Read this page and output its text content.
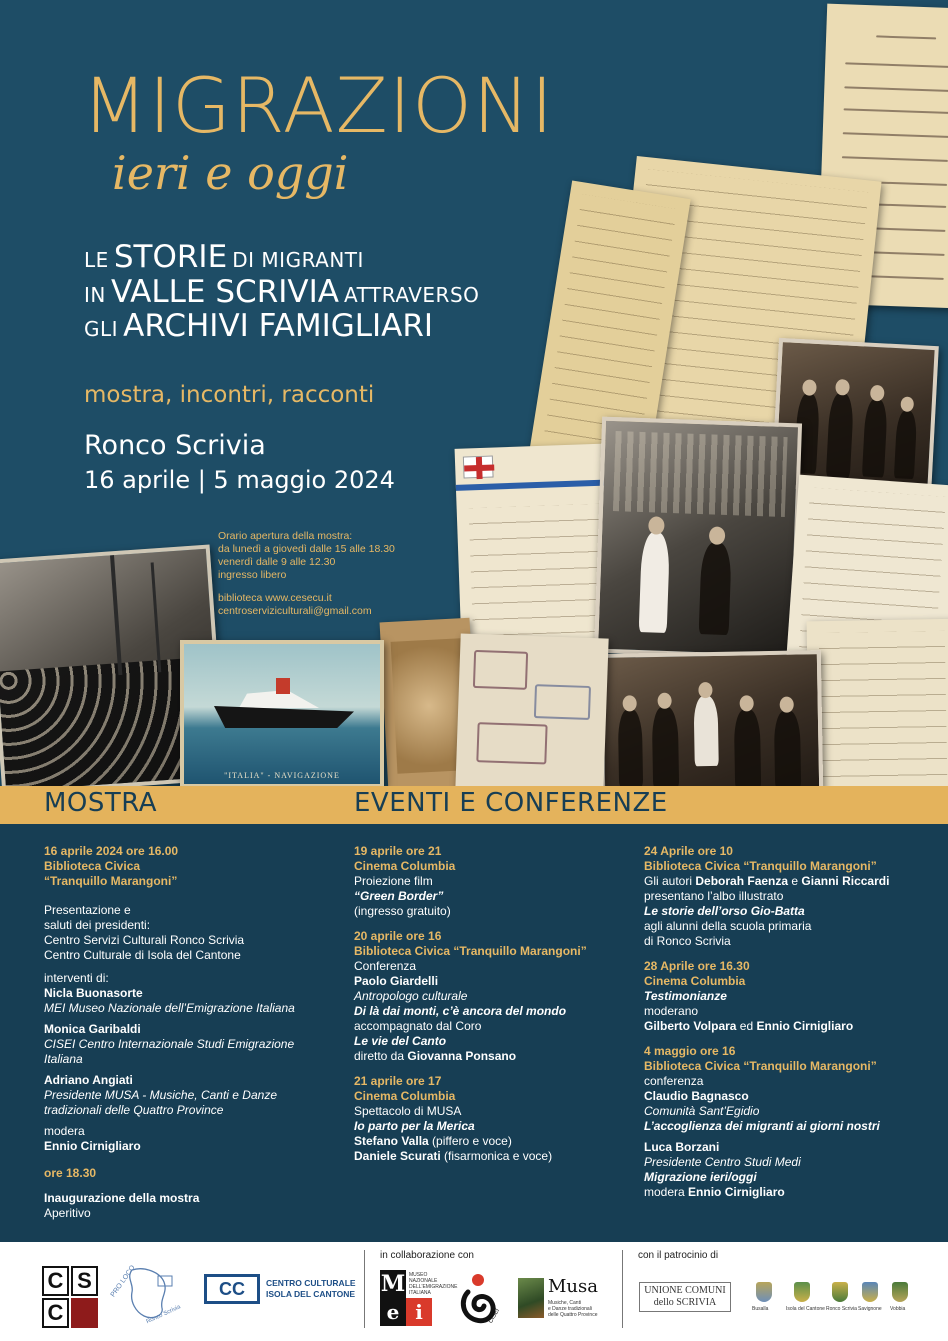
"ITALIA" - NAVIGAZIONE
MIGRAZIONI
ieri e oggi
LE STORIE DI MIGRANTI
IN VALLE SCRIVIA ATTRAVERSO
GLI ARCHIVI FAMIGLIARI
mostra, incontri, racconti
Ronco Scrivia
16 aprile | 5 maggio 2024
Orario apertura della mostra:
da lunedì a giovedì dalle 15 alle 18.30
venerdì dalle 9 alle 12.30
ingresso libero
biblioteca www.cesecu.it
centroserviziculturali@gmail.com
MOSTRA	EVENTI E CONFERENZE
16 aprile 2024 ore 16.00
Biblioteca Civica
“Tranquillo Marangoni”
Presentazione e
saluti dei presidenti:
Centro Servizi Culturali Ronco Scrivia
Centro Culturale di Isola del Cantone
interventi di:
Nicla Buonasorte
MEI Museo Nazionale dell’Emigrazione Italiana
Monica Garibaldi
CISEI Centro Internazionale Studi Emigrazione
Italiana
Adriano Angiati
Presidente MUSA - Musiche, Canti e Danze
tradizionali delle Quattro Province
modera
Ennio Cirnigliaro
ore 18.30
Inaugurazione della mostra
Aperitivo
19 aprile ore 21
Cinema Columbia
Proiezione film
“Green Border”
(ingresso gratuito)
20 aprile ore 16
Biblioteca Civica “Tranquillo Marangoni”
Conferenza
Paolo Giardelli
Antropologo culturale
Di là dai monti, c’è ancora del mondo
accompagnato dal Coro
Le vie del Canto
diretto da Giovanna Ponsano
21 aprile ore 17
Cinema Columbia
Spettacolo di MUSA
Io parto per la Merica
Stefano Valla (piffero e voce)
Daniele Scurati (fisarmonica e voce)
24 Aprile ore 10
Biblioteca Civica “Tranquillo Marangoni”
Gli autori Deborah Faenza e Gianni Riccardi
presentano l’albo illustrato
Le storie dell’orso Gio-Batta
agli alunni della scuola primaria
di Ronco Scrivia
28 Aprile ore 16.30
Cinema Columbia
Testimonianze
moderano
Gilberto Volpara ed Ennio Cirnigliaro
4 maggio ore 16
Biblioteca Civica “Tranquillo Marangoni”
conferenza
Claudio Bagnasco
Comunità Sant’Egidio
L’accoglienza dei migranti ai giorni nostri
Luca Borzani
Presidente Centro Studi Medi
Migrazione ieri/oggi
modera Ennio Cirnigliaro
C S
C
PRO LOCO
Ronco Scrivia
CC	CENTRO CULTURALE
ISOLA DEL CANTONE
in collaborazione con
M
e i
MUSEO NAZIONALE DELL'EMIGRAZIONE ITALIANA
CISEI
Musa
Musiche, Canti
e Danze tradizionali
delle Quattro Province
con il patrocinio di
UNIONE COMUNI
dello SCRIVIA
Busalla	Isola del Cantone Ronco Scrivia Savignone Vobbia
